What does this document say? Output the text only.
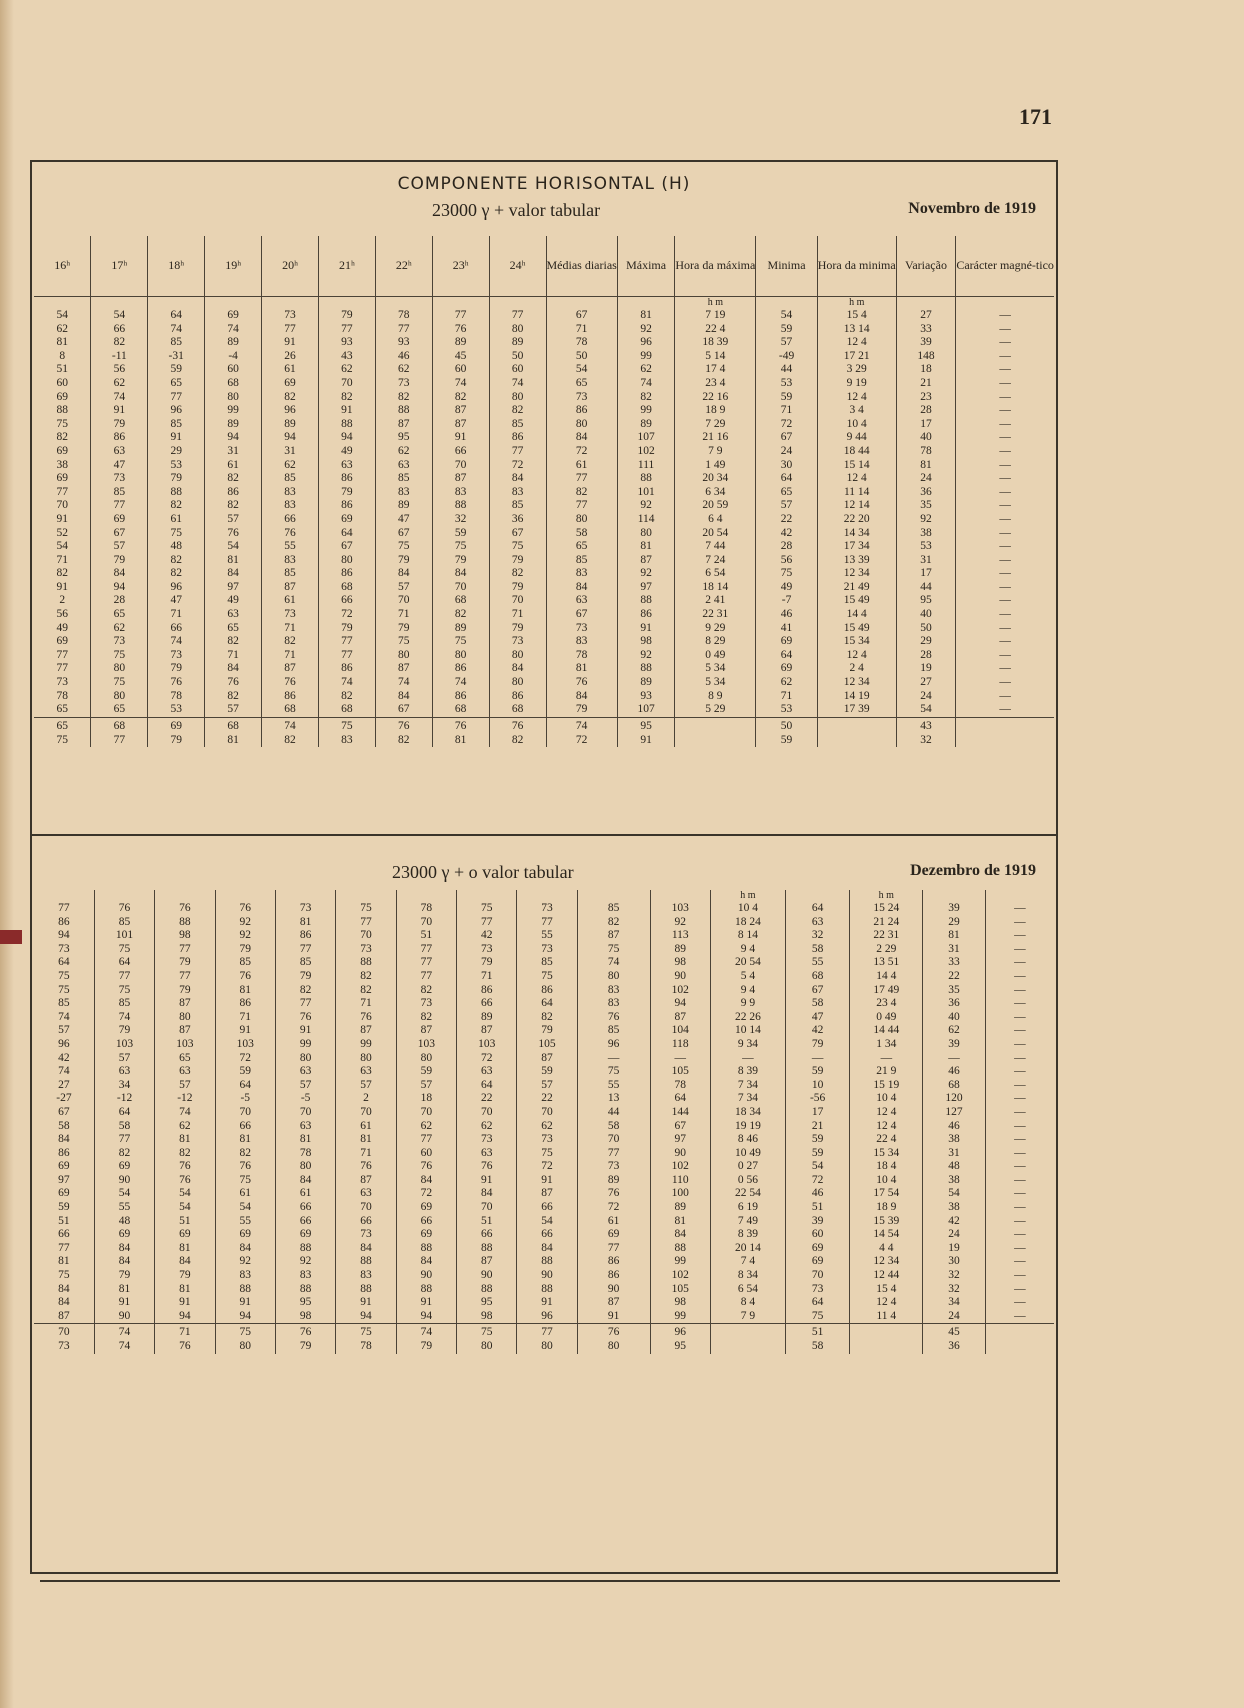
171
COMPONENTE HORISONTAL (H)
23000 γ + valor tabular	Novembro de 1919
16ʰ	17ʰ	18ʰ	19ʰ	20ʰ	21ʰ	22ʰ	23ʰ	24ʰ	Médias diarias	Máxima	Hora da máxima	Minima	Hora da minima	Variação	Carácter magné-tico
											h m		h m		
54	54	64	69	73	79	78	77	77	67	81	7 19	54	15 4	27	—
62	66	74	74	77	77	77	76	80	71	92	22 4	59	13 14	33	—
81	82	85	89	91	93	93	89	89	78	96	18 39	57	12 4	39	—
8	-11	-31	-4	26	43	46	45	50	50	99	5 14	-49	17 21	148	—
51	56	59	60	61	62	62	60	60	54	62	17 4	44	3 29	18	—
60	62	65	68	69	70	73	74	74	65	74	23 4	53	9 19	21	—
69	74	77	80	82	82	82	82	80	73	82	22 16	59	12 4	23	—
88	91	96	99	96	91	88	87	82	86	99	18 9	71	3 4	28	—
75	79	85	89	89	88	87	87	85	80	89	7 29	72	10 4	17	—
82	86	91	94	94	94	95	91	86	84	107	21 16	67	9 44	40	—
69	63	29	31	31	49	62	66	77	72	102	7 9	24	18 44	78	—
38	47	53	61	62	63	63	70	72	61	111	1 49	30	15 14	81	—
69	73	79	82	85	86	85	87	84	77	88	20 34	64	12 4	24	—
77	85	88	86	83	79	83	83	83	82	101	6 34	65	11 14	36	—
70	77	82	82	83	86	89	88	85	77	92	20 59	57	12 14	35	—
91	69	61	57	66	69	47	32	36	80	114	6 4	22	22 20	92	—
52	67	75	76	76	64	67	59	67	58	80	20 54	42	14 34	38	—
54	57	48	54	55	67	75	75	75	65	81	7 44	28	17 34	53	—
71	79	82	81	83	80	79	79	79	85	87	7 24	56	13 39	31	—
82	84	82	84	85	86	84	84	82	83	92	6 54	75	12 34	17	—
91	94	96	97	87	68	57	70	79	84	97	18 14	49	21 49	44	—
2	28	47	49	61	66	70	68	70	63	88	2 41	-7	15 49	95	—
56	65	71	63	73	72	71	82	71	67	86	22 31	46	14 4	40	—
49	62	66	65	71	79	79	89	79	73	91	9 29	41	15 49	50	—
69	73	74	82	82	77	75	75	73	83	98	8 29	69	15 34	29	—
77	75	73	71	71	77	80	80	80	78	92	0 49	64	12 4	28	—
77	80	79	84	87	86	87	86	84	81	88	5 34	69	2 4	19	—
73	75	76	76	76	74	74	74	80	76	89	5 34	62	12 34	27	—
78	80	78	82	86	82	84	86	86	84	93	8 9	71	14 19	24	—
65	65	53	57	68	68	67	68	68	79	107	5 29	53	17 39	54	—
65	68	69	68	74	75	76	76	76	74	95		50		43	
75	77	79	81	82	83	82	81	82	72	91		59		32	
23000 γ + o valor tabular	Dezembro de 1919
											h m		h m		
77	76	76	76	73	75	78	75	73	85	103	10 4	64	15 24	39	—
86	85	88	92	81	77	70	77	77	82	92	18 24	63	21 24	29	—
94	101	98	92	86	70	51	42	55	87	113	8 14	32	22 31	81	—
73	75	77	79	77	73	77	73	73	75	89	9 4	58	2 29	31	—
64	64	79	85	85	88	77	79	85	74	98	20 54	55	13 51	33	—
75	77	77	76	79	82	77	71	75	80	90	5 4	68	14 4	22	—
75	75	79	81	82	82	82	86	86	83	102	9 4	67	17 49	35	—
85	85	87	86	77	71	73	66	64	83	94	9 9	58	23 4	36	—
74	74	80	71	76	76	82	89	82	76	87	22 26	47	0 49	40	—
57	79	87	91	91	87	87	87	79	85	104	10 14	42	14 44	62	—
96	103	103	103	99	99	103	103	105	96	118	9 34	79	1 34	39	—
42	57	65	72	80	80	80	72	87	—	—	—	—	—	—	—
74	63	63	59	63	63	59	63	59	75	105	8 39	59	21 9	46	—
27	34	57	64	57	57	57	64	57	55	78	7 34	10	15 19	68	—
-27	-12	-12	-5	-5	2	18	22	22	13	64	7 34	-56	10 4	120	—
67	64	74	70	70	70	70	70	70	44	144	18 34	17	12 4	127	—
58	58	62	66	63	61	62	62	62	58	67	19 19	21	12 4	46	—
84	77	81	81	81	81	77	73	73	70	97	8 46	59	22 4	38	—
86	82	82	82	78	71	60	63	75	77	90	10 49	59	15 34	31	—
69	69	76	76	80	76	76	76	72	73	102	0 27	54	18 4	48	—
97	90	76	75	84	87	84	91	91	89	110	0 56	72	10 4	38	—
69	54	54	61	61	63	72	84	87	76	100	22 54	46	17 54	54	—
59	55	54	54	66	70	69	70	66	72	89	6 19	51	18 9	38	—
51	48	51	55	66	66	66	51	54	61	81	7 49	39	15 39	42	—
66	69	69	69	69	73	69	66	66	69	84	8 39	60	14 54	24	—
77	84	81	84	88	84	88	88	84	77	88	20 14	69	4 4	19	—
81	84	84	92	92	88	84	87	88	86	99	7 4	69	12 34	30	—
75	79	79	83	83	83	90	90	90	86	102	8 34	70	12 44	32	—
84	81	81	88	88	88	88	88	88	90	105	6 54	73	15 4	32	—
84	91	91	91	95	91	91	95	91	87	98	8 4	64	12 4	34	—
87	90	94	94	98	94	94	98	96	91	99	7 9	75	11 4	24	—
70	74	71	75	76	75	74	75	77	76	96		51		45	
73	74	76	80	79	78	79	80	80	80	95		58		36	
